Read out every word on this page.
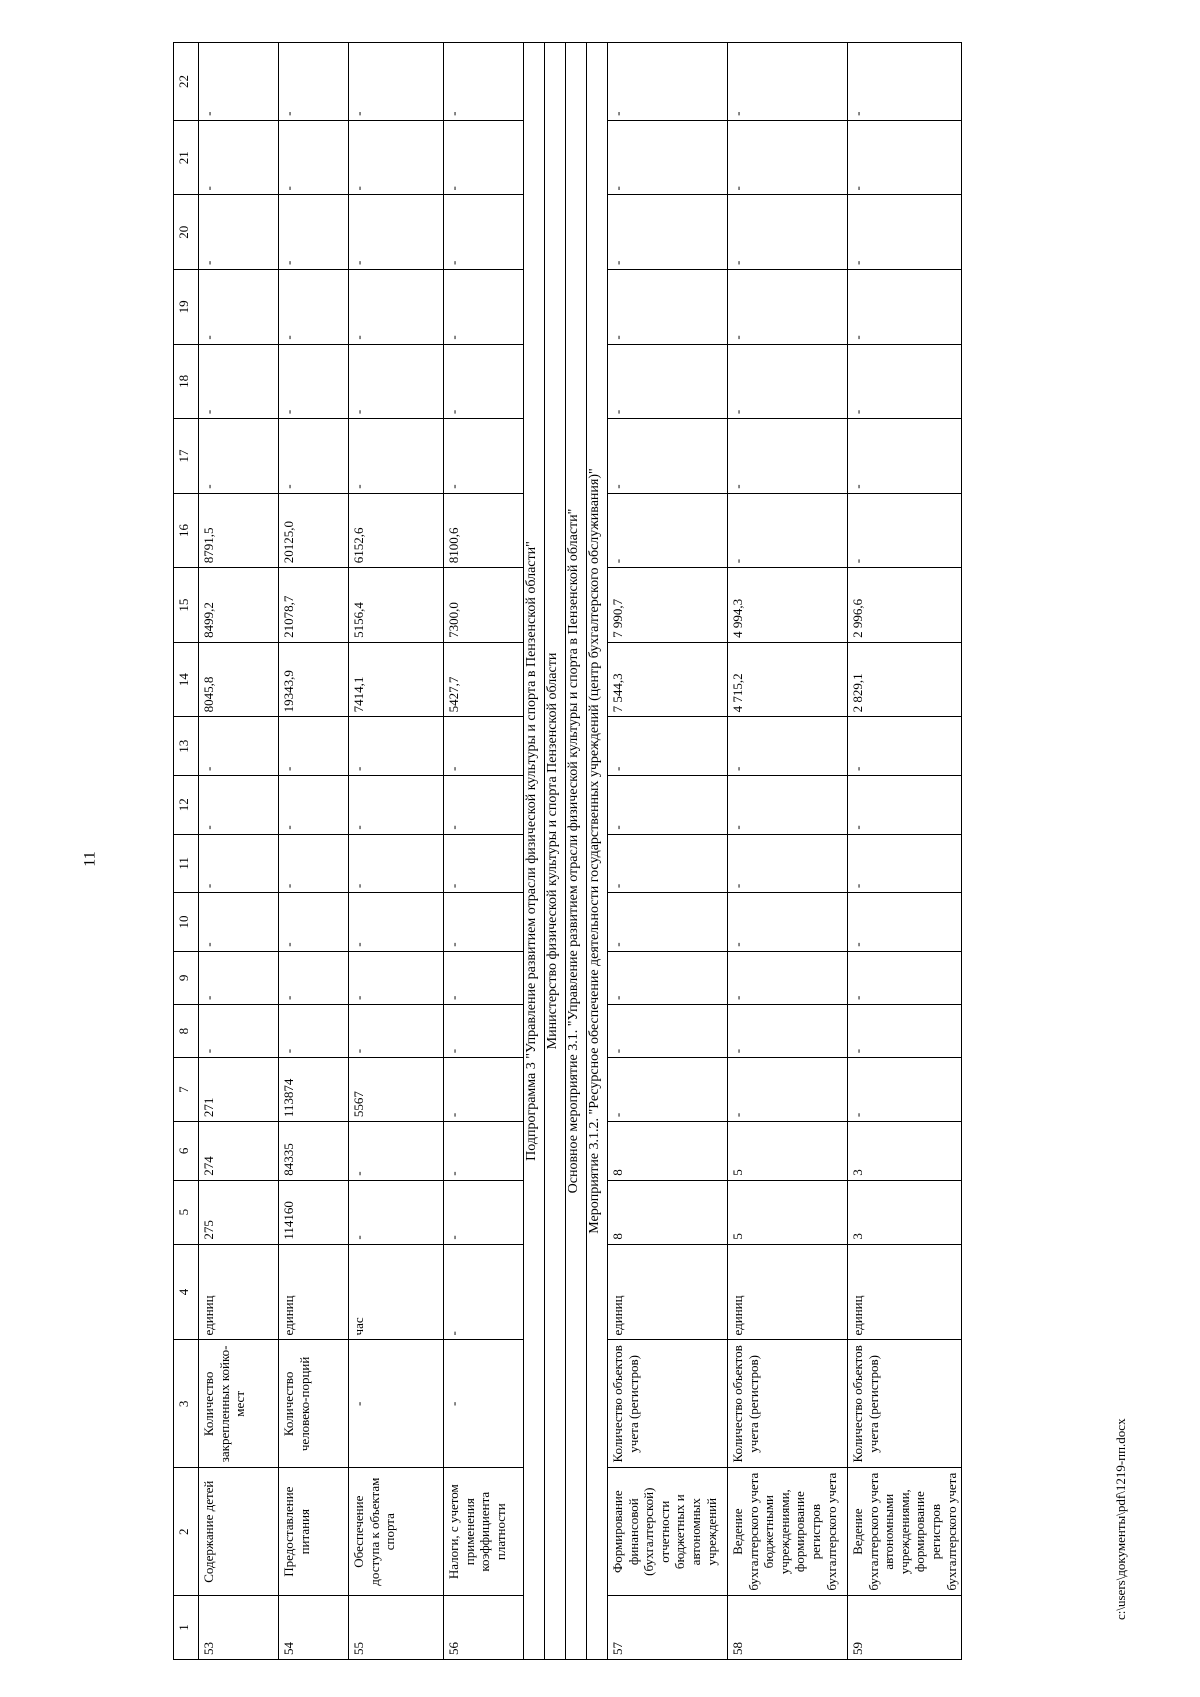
11
1	2	3	4	5	6	7	8	9	10	11	12	13	14	15	16	17	18	19	20	21	22
53	Содержание детей	Количество закрепленных койко-мест	единиц	275	274	271	-	-	-	-	-	-	8045,8	8499,2	8791,5	-	-	-	-	-	-
54	Предоставление питания	Количество человеко-порций	единиц	114160	84335	113874	-	-	-	-	-	-	19343,9	21078,7	20125,0	-	-	-	-	-	-
55	Обеспечение доступа к объектам спорта	-	час	-	-	5567	-	-	-	-	-	-	7414,1	5156,4	6152,6	-	-	-	-	-	-
56	Налоги, с учетом применения коэффициента платности	-	-	-	-	-	-	-	-	-	-	-	5427,7	7300,0	8100,6	-	-	-	-	-	-
Подпрограмма 3 "Управление развитием отрасли физической культуры и спорта в Пензенской области"																					
Министерство физической культуры и спорта Пензенской области																					
Основное мероприятие 3.1. "Управление развитием отрасли физической культуры и спорта в Пензенской области"																					
Мероприятие 3.1.2. "Ресурсное обеспечение деятельности государственных учреждений (центр бухгалтерского обслуживания)"																					
57	Формирование финансовой (бухгалтерской) отчетности бюджетных и автономных учреждений	Количество объектов учета (регистров)	единиц	8	8	-	-	-	-	-	-	-	7 544,3	7 990,7	-	-	-	-	-	-	-
58	Ведение бухгалтерского учета бюджетными учреждениями, формирование регистров бухгалтерского учета	Количество объектов учета (регистров)	единиц	5	5	-	-	-	-	-	-	-	4 715,2	4 994,3	-	-	-	-	-	-	-
59	Ведение бухгалтерского учета автономными учреждениями, формирование регистров бухгалтерского учета	Количество объектов учета (регистров)	единиц	3	3	-	-	-	-	-	-	-	2 829,1	2 996,6	-	-	-	-	-	-	-
c:\users\документы\pdf\1219-пп.docx
